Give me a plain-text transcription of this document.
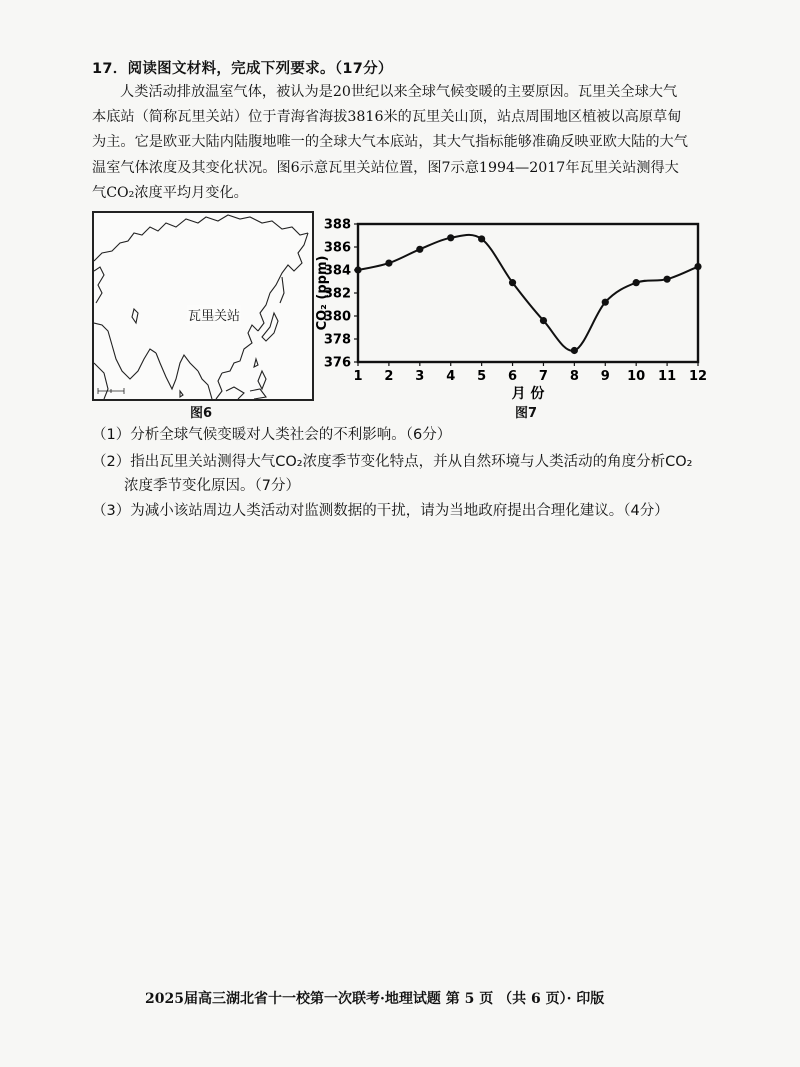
17．阅读图文材料，完成下列要求。（17分）
人类活动排放温室气体，被认为是20世纪以来全球气候变暖的主要原因。瓦里关全球大气
本底站（简称瓦里关站）位于青海省海拔3816米的瓦里关山顶，站点周围地区植被以高原草甸
为主。它是欧亚大陆内陆腹地唯一的全球大气本底站，其大气指标能够准确反映亚欧大陆的大气
温室气体浓度及其变化状况。图6示意瓦里关站位置，图7示意1994—2017年瓦里关站测得大
气CO₂浓度平均月变化。
瓦里关站
图6
376
378
380
382
384
386
388
1 2 3 4 5 6 7 8 9 10 11 12
月 份
CO₂ (ppm)
图7
（1）分析全球气候变暖对人类社会的不利影响。（6分）
（2）指出瓦里关站测得大气CO₂浓度季节变化特点，并从自然环境与人类活动的角度分析CO₂
浓度季节变化原因。（7分）
（3）为减小该站周边人类活动对监测数据的干扰，请为当地政府提出合理化建议。（4分）
2025届高三湖北省十一校第一次联考·地理试题 第 5 页 （共 6 页）· 印版
